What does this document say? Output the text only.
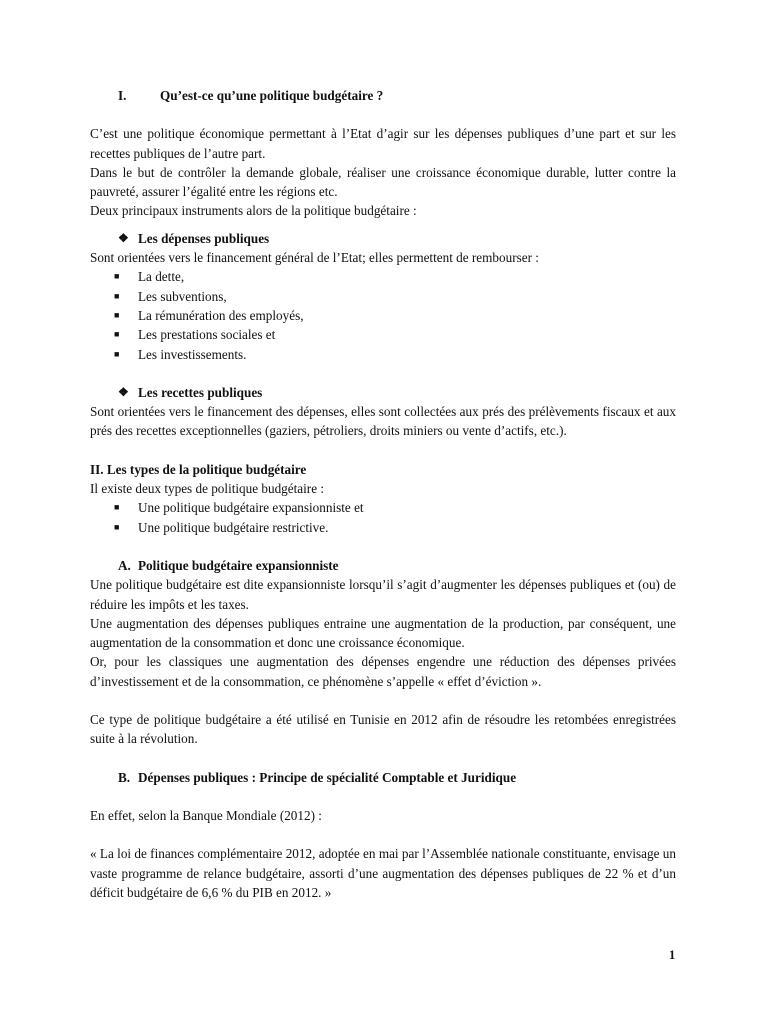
I.	Qu’est-ce qu’une politique budgétaire ?
C’est une politique économique permettant à l’Etat d’agir sur les dépenses publiques d’une part et sur les recettes publiques de l’autre part.
Dans le but de contrôler la demande globale, réaliser une croissance économique durable, lutter contre la pauvreté, assurer l’égalité entre les régions etc.
Deux principaux instruments alors de la politique budgétaire :
❖ Les dépenses publiques
Sont orientées vers le financement général de l’Etat; elles permettent de rembourser :
■	La dette,
■	Les subventions,
■	La rémunération des employés,
■	Les prestations sociales et
■	Les investissements.
❖ Les recettes publiques
Sont orientées vers le financement des dépenses, elles sont collectées aux prés des prélèvements fiscaux et aux prés des recettes exceptionnelles (gaziers, pétroliers, droits miniers ou vente d’actifs, etc.).
II. Les types de la politique budgétaire
Il existe deux types de politique budgétaire :
■	Une politique budgétaire expansionniste et
■	Une politique budgétaire restrictive.
A. Politique budgétaire expansionniste
Une politique budgétaire est dite expansionniste lorsqu’il s’agit d’augmenter les dépenses publiques et (ou) de réduire les impôts et les taxes.
Une augmentation des dépenses publiques entraine une augmentation de la production, par conséquent, une augmentation de la consommation et donc une croissance économique.
Or, pour les classiques une augmentation des dépenses engendre une réduction des dépenses privées d’investissement et de la consommation, ce phénomène s’appelle « effet d’éviction ».
Ce type de politique budgétaire a été utilisé en Tunisie en 2012 afin de résoudre les retombées enregistrées suite à la révolution.
B. Dépenses publiques : Principe de spécialité Comptable et Juridique
En effet, selon la Banque Mondiale (2012) :
« La loi de finances complémentaire 2012, adoptée en mai par l’Assemblée nationale constituante, envisage un vaste programme de relance budgétaire, assorti d’une augmentation des dépenses publiques de 22 % et d’un déficit budgétaire de 6,6 % du PIB en 2012. »
1
